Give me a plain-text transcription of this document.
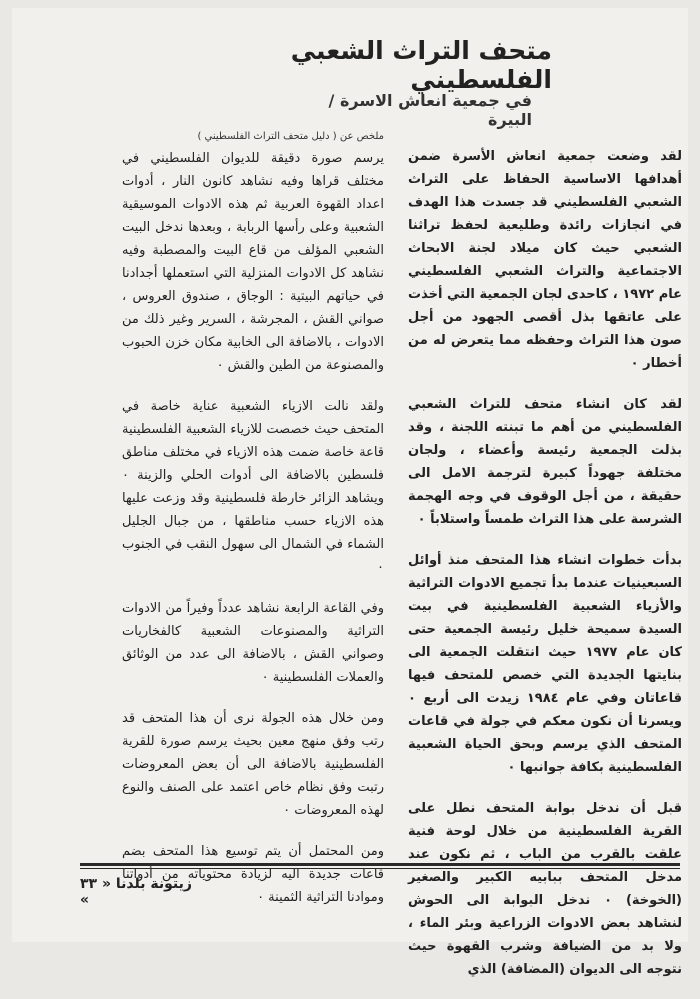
متحف التراث الشعبي الفلسطيني
في جمعية انعاش الاسرة / البيرة

لقد وضعت جمعية انعاش الأسرة ضمن أهدافها الاساسية الحفاظ على التراث الشعبي الفلسطيني قد جسدت هذا الهدف في انجازات رائدة وطليعية لحفظ تراثنا الشعبي حيث كان ميلاد لجنة الابحاث الاجتماعية والتراث الشعبي الفلسطيني عام ١٩٧٢ ، كاحدى لجان الجمعية التي أخذت على عاتقها بذل أقصى الجهود من أجل صون هذا التراث وحفظه مما يتعرض له من أخطار ٠

لقد كان انشاء متحف للتراث الشعبي الفلسطيني من أهم ما تبنته اللجنة ، وقد بذلت الجمعية رئيسة وأعضاء ، ولجان مختلفة جهوداً كبيرة لترجمة الامل الى حقيقة ، من أجل الوقوف في وجه الهجمة الشرسة على هذا التراث طمساً واستلاباً ٠

بدأت خطوات انشاء هذا المتحف منذ أوائل السبعينيات عندما بدأ تجميع الادوات التراثية والأزياء الشعبية الفلسطينية في بيت السيدة سميحة خليل رئيسة الجمعية حتى كان عام ١٩٧٧ حيث انتقلت الجمعية الى بنايتها الجديدة التي خصص للمتحف فيها قاعاتان وفي عام ١٩٨٤ زيدت الى أربع ٠ ويسرنا أن نكون معكم في جولة في قاعات المتحف الذي يرسم وبحق الحياة الشعبية الفلسطينية بكافة جوانبها ٠

قبل أن ندخل بوابة المتحف نطل على القرية الفلسطينية من خلال لوحة فنية علقت بالقرب من الباب ، ثم نكون عند مدخل المتحف ببابيه الكبير والصغير (الخوخة) ٠ ندخل البوابة الى الحوش لنشاهد بعض الادوات الزراعية وبئر الماء ، ولا بد من الضيافة وشرب القهوة حيث نتوجه الى الديوان (المضافة) الذي

ملخص عن ( دليل متحف التراث الفلسطيني )

يرسم صورة دقيقة للديوان الفلسطيني في مختلف قراها وفيه نشاهد كانون النار ، أدوات اعداد القهوة العربية ثم هذه الادوات الموسيقية الشعبية وعلى رأسها الربابة ، وبعدها ندخل البيت الشعبي المؤلف من قاع البيت والمصطبة وفيه نشاهد كل الادوات المنزلية التي استعملها أجدادنا في حياتهم البيتية : الوجاق ، صندوق العروس ، صواني القش ، المجرشة ، السرير وغير ذلك من الادوات ، بالاضافة الى الخابية مكان خزن الحبوب والمصنوعة من الطين والقش ٠

ولقد نالت الازياء الشعبية عناية خاصة في المتحف حيث خصصت للازياء الشعبية الفلسطينية قاعة خاصة ضمت هذه الازياء في مختلف مناطق فلسطين بالاضافة الى أدوات الحلي والزينة ٠ ويشاهد الزائر خارطة فلسطينية وقد وزعت عليها هذه الازياء حسب مناطقها ، من جبال الجليل الشماء في الشمال الى سهول النقب في الجنوب ٠

وفي القاعة الرابعة نشاهد عدداً وفيراً من الادوات التراثية والمصنوعات الشعبية كالفخاريات وصواني القش ، بالاضافة الى عدد من الوثائق والعملات الفلسطينية ٠

ومن خلال هذه الجولة نرى أن هذا المتحف قد رتب وفق منهج معين بحيث يرسم صورة للقرية الفلسطينية بالاضافة الى أن بعض المعروضات رتبت وفق نظام خاص اعتمد على الصنف والنوع لهذه المعروضات ٠

ومن المحتمل أن يتم توسيع هذا المتحف بضم قاعات جديدة اليه لزيادة محتوياته من أدواتنا وموادنا التراثية الثمينة ٠

زيتونة بلدنا « ٣٣ »
